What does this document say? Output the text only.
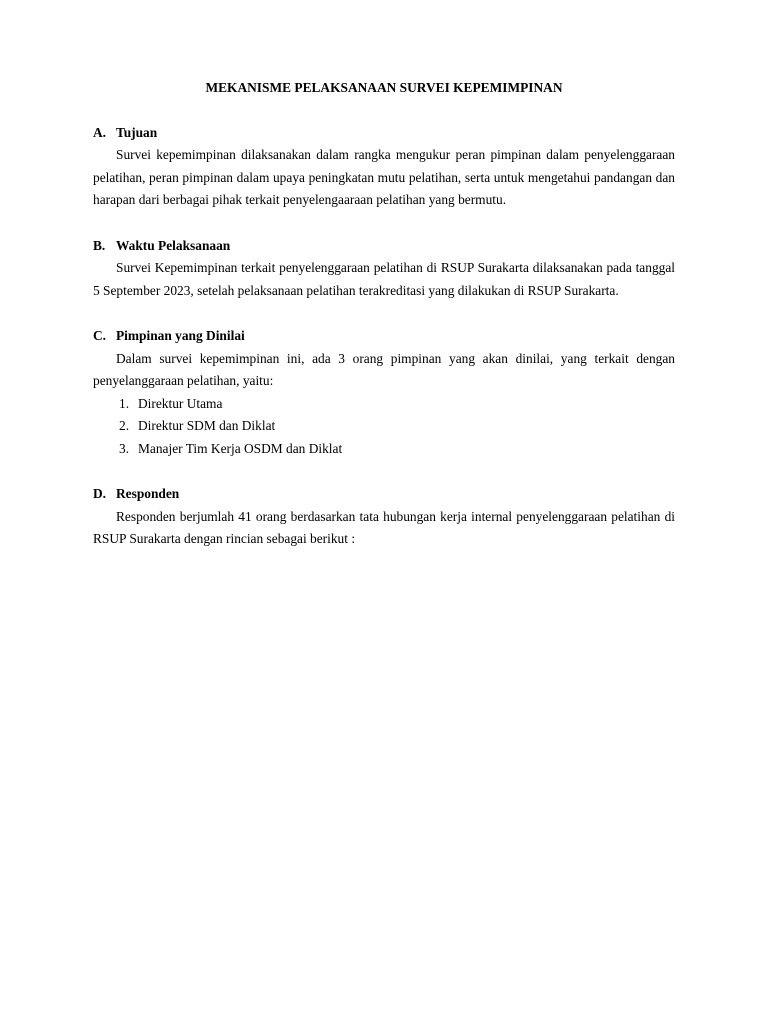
MEKANISME PELAKSANAAN SURVEI KEPEMIMPINAN
A. Tujuan

Survei kepemimpinan dilaksanakan dalam rangka mengukur peran pimpinan dalam penyelenggaraan pelatihan, peran pimpinan dalam upaya peningkatan mutu pelatihan, serta untuk mengetahui pandangan dan harapan dari berbagai pihak terkait penyelengaaraan pelatihan yang bermutu.

B. Waktu Pelaksanaan

Survei Kepemimpinan terkait penyelenggaraan pelatihan di RSUP Surakarta dilaksanakan pada tanggal 5 September 2023, setelah pelaksanaan pelatihan terakreditasi yang dilakukan di RSUP Surakarta.

C. Pimpinan yang Dinilai

Dalam survei kepemimpinan ini, ada 3 orang pimpinan yang akan dinilai, yang terkait dengan penyelanggaraan pelatihan, yaitu:

1. Direktur Utama
2. Direktur SDM dan Diklat
3. Manajer Tim Kerja OSDM dan Diklat
D. Responden

Responden berjumlah 41 orang berdasarkan tata hubungan kerja internal penyelenggaraan pelatihan di RSUP Surakarta dengan rincian sebagai berikut :
